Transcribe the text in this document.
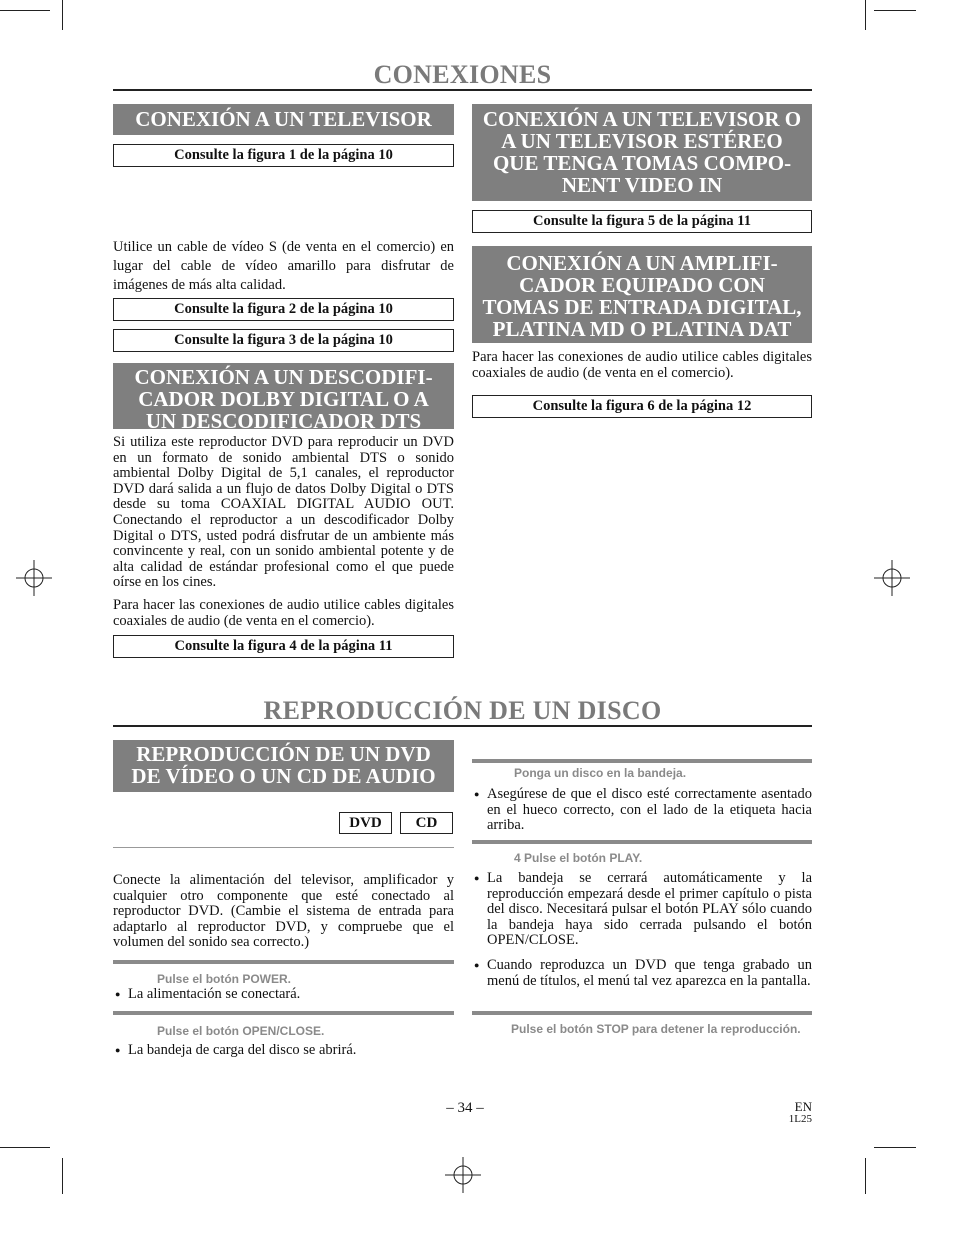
CONEXIONES
CONEXIÓN A UN TELEVISOR
Consulte la figura 1 de la página 10
Utilice un cable de vídeo S (de venta en el comercio) en lugar del cable de vídeo amarillo para disfrutar de imágenes de más alta calidad.
Consulte la figura 2 de la página 10
Consulte la figura 3 de la página 10
CONEXIÓN A UN DESCODIFI-CADOR DOLBY DIGITAL O A UN DESCODIFICADOR DTS
Si utiliza este reproductor DVD para reproducir un DVD en un formato de sonido ambiental DTS o sonido ambiental Dolby Digital de 5,1 canales, el reproductor DVD dará salida a un flujo de datos Dolby Digital o DTS desde su toma COAXIAL DIGITAL AUDIO OUT. Conectando el reproductor a un descodificador Dolby Digital o DTS, usted podrá disfrutar de un ambiente más convincente y real, con un sonido ambiental potente y de alta calidad de estándar profesional como el que puede oírse en los cines.
Para hacer las conexiones de audio utilice cables digitales coaxiales de audio (de venta en el comercio).
Consulte la figura 4 de la página 11
CONEXIÓN A UN TELEVISOR O A UN TELEVISOR ESTÉREO QUE TENGA TOMAS COMPO-NENT VIDEO IN
Consulte la figura 5 de la página 11
CONEXIÓN A UN AMPLIFI-CADOR EQUIPADO CON TOMAS DE ENTRADA DIGITAL, PLATINA MD O PLATINA DAT
Para hacer las conexiones de audio utilice cables digitales coaxiales de audio (de venta en el comercio).
Consulte la figura 6 de la página 12
REPRODUCCIÓN DE UN DISCO
REPRODUCCIÓN DE UN DVD DE VÍDEO O UN CD DE AUDIO
DVD	CD
Conecte la alimentación del televisor, amplificador y cualquier otro componente que esté conectado al reproductor DVD. (Cambie el sistema de entrada para adaptarlo al reproductor DVD, y compruebe que el volumen del sonido sea correcto.)
Pulse el botón POWER.
● La alimentación se conectará.
Pulse el botón OPEN/CLOSE.
● La bandeja de carga del disco se abrirá.
Ponga un disco en la bandeja.
● Asegúrese de que el disco esté correctamente asentado en el hueco correcto, con el lado de la etiqueta hacia arriba.
4 Pulse el botón PLAY.
● La bandeja se cerrará automáticamente y la reproducción empezará desde el primer capítulo o pista del disco. Necesitará pulsar el botón PLAY sólo cuando la bandeja haya sido cerrada pulsando el botón OPEN/CLOSE.
● Cuando reproduzca un DVD que tenga grabado un menú de títulos, el menú tal vez aparezca en la pantalla.
Pulse el botón STOP para detener la reproducción.
– 34 –	EN
1L25
